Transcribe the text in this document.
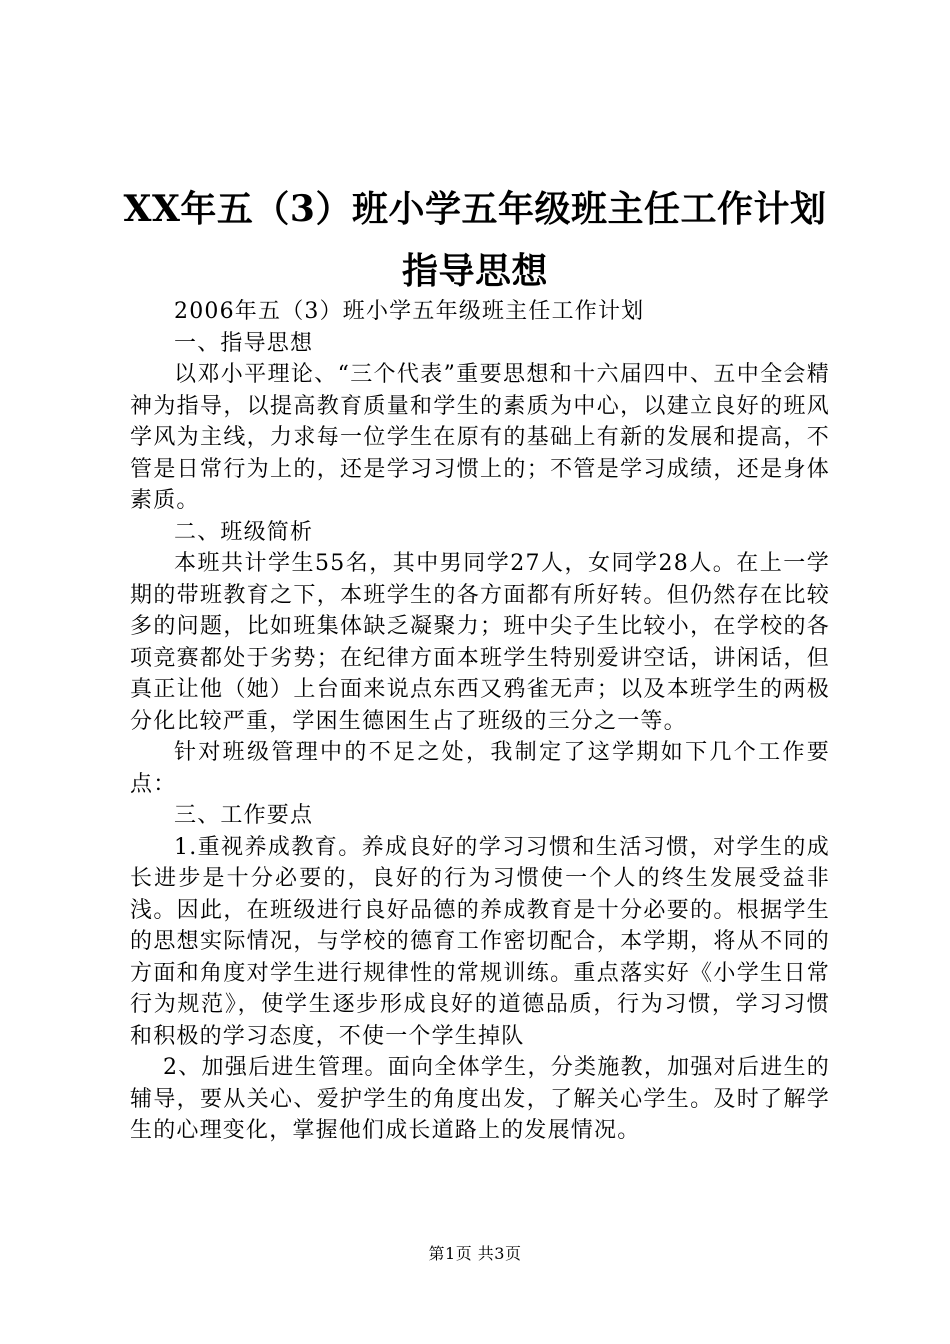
XX年五（3）班小学五年级班主任工作计划指导思想

2006年五（3）班小学五年级班主任工作计划

一、指导思想

以邓小平理论、“三个代表”重要思想和十六届四中、五中全会精神为指导，以提高教育质量和学生的素质为中心，以建立良好的班风学风为主线，力求每一位学生在原有的基础上有新的发展和提高，不管是日常行为上的，还是学习习惯上的；不管是学习成绩，还是身体素质。

二、班级简析

本班共计学生55名，其中男同学27人，女同学28人。在上一学期的带班教育之下，本班学生的各方面都有所好转。但仍然存在比较多的问题，比如班集体缺乏凝聚力；班中尖子生比较小，在学校的各项竞赛都处于劣势；在纪律方面本班学生特别爱讲空话，讲闲话，但真正让他（她）上台面来说点东西又鸦雀无声；以及本班学生的两极分化比较严重，学困生德困生占了班级的三分之一等。

针对班级管理中的不足之处，我制定了这学期如下几个工作要点：

三、工作要点

1.重视养成教育。养成良好的学习习惯和生活习惯，对学生的成长进步是十分必要的，良好的行为习惯使一个人的终生发展受益非浅。因此，在班级进行良好品德的养成教育是十分必要的。根据学生的思想实际情况，与学校的德育工作密切配合，本学期，将从不同的方面和角度对学生进行规律性的常规训练。重点落实好《小学生日常行为规范》，使学生逐步形成良好的道德品质，行为习惯，学习习惯和积极的学习态度，不使一个学生掉队

2、加强后进生管理。面向全体学生，分类施教，加强对后进生的辅导，要从关心、爱护学生的角度出发，了解关心学生。及时了解学生的心理变化，掌握他们成长道路上的发展情况。

第1页 共3页
